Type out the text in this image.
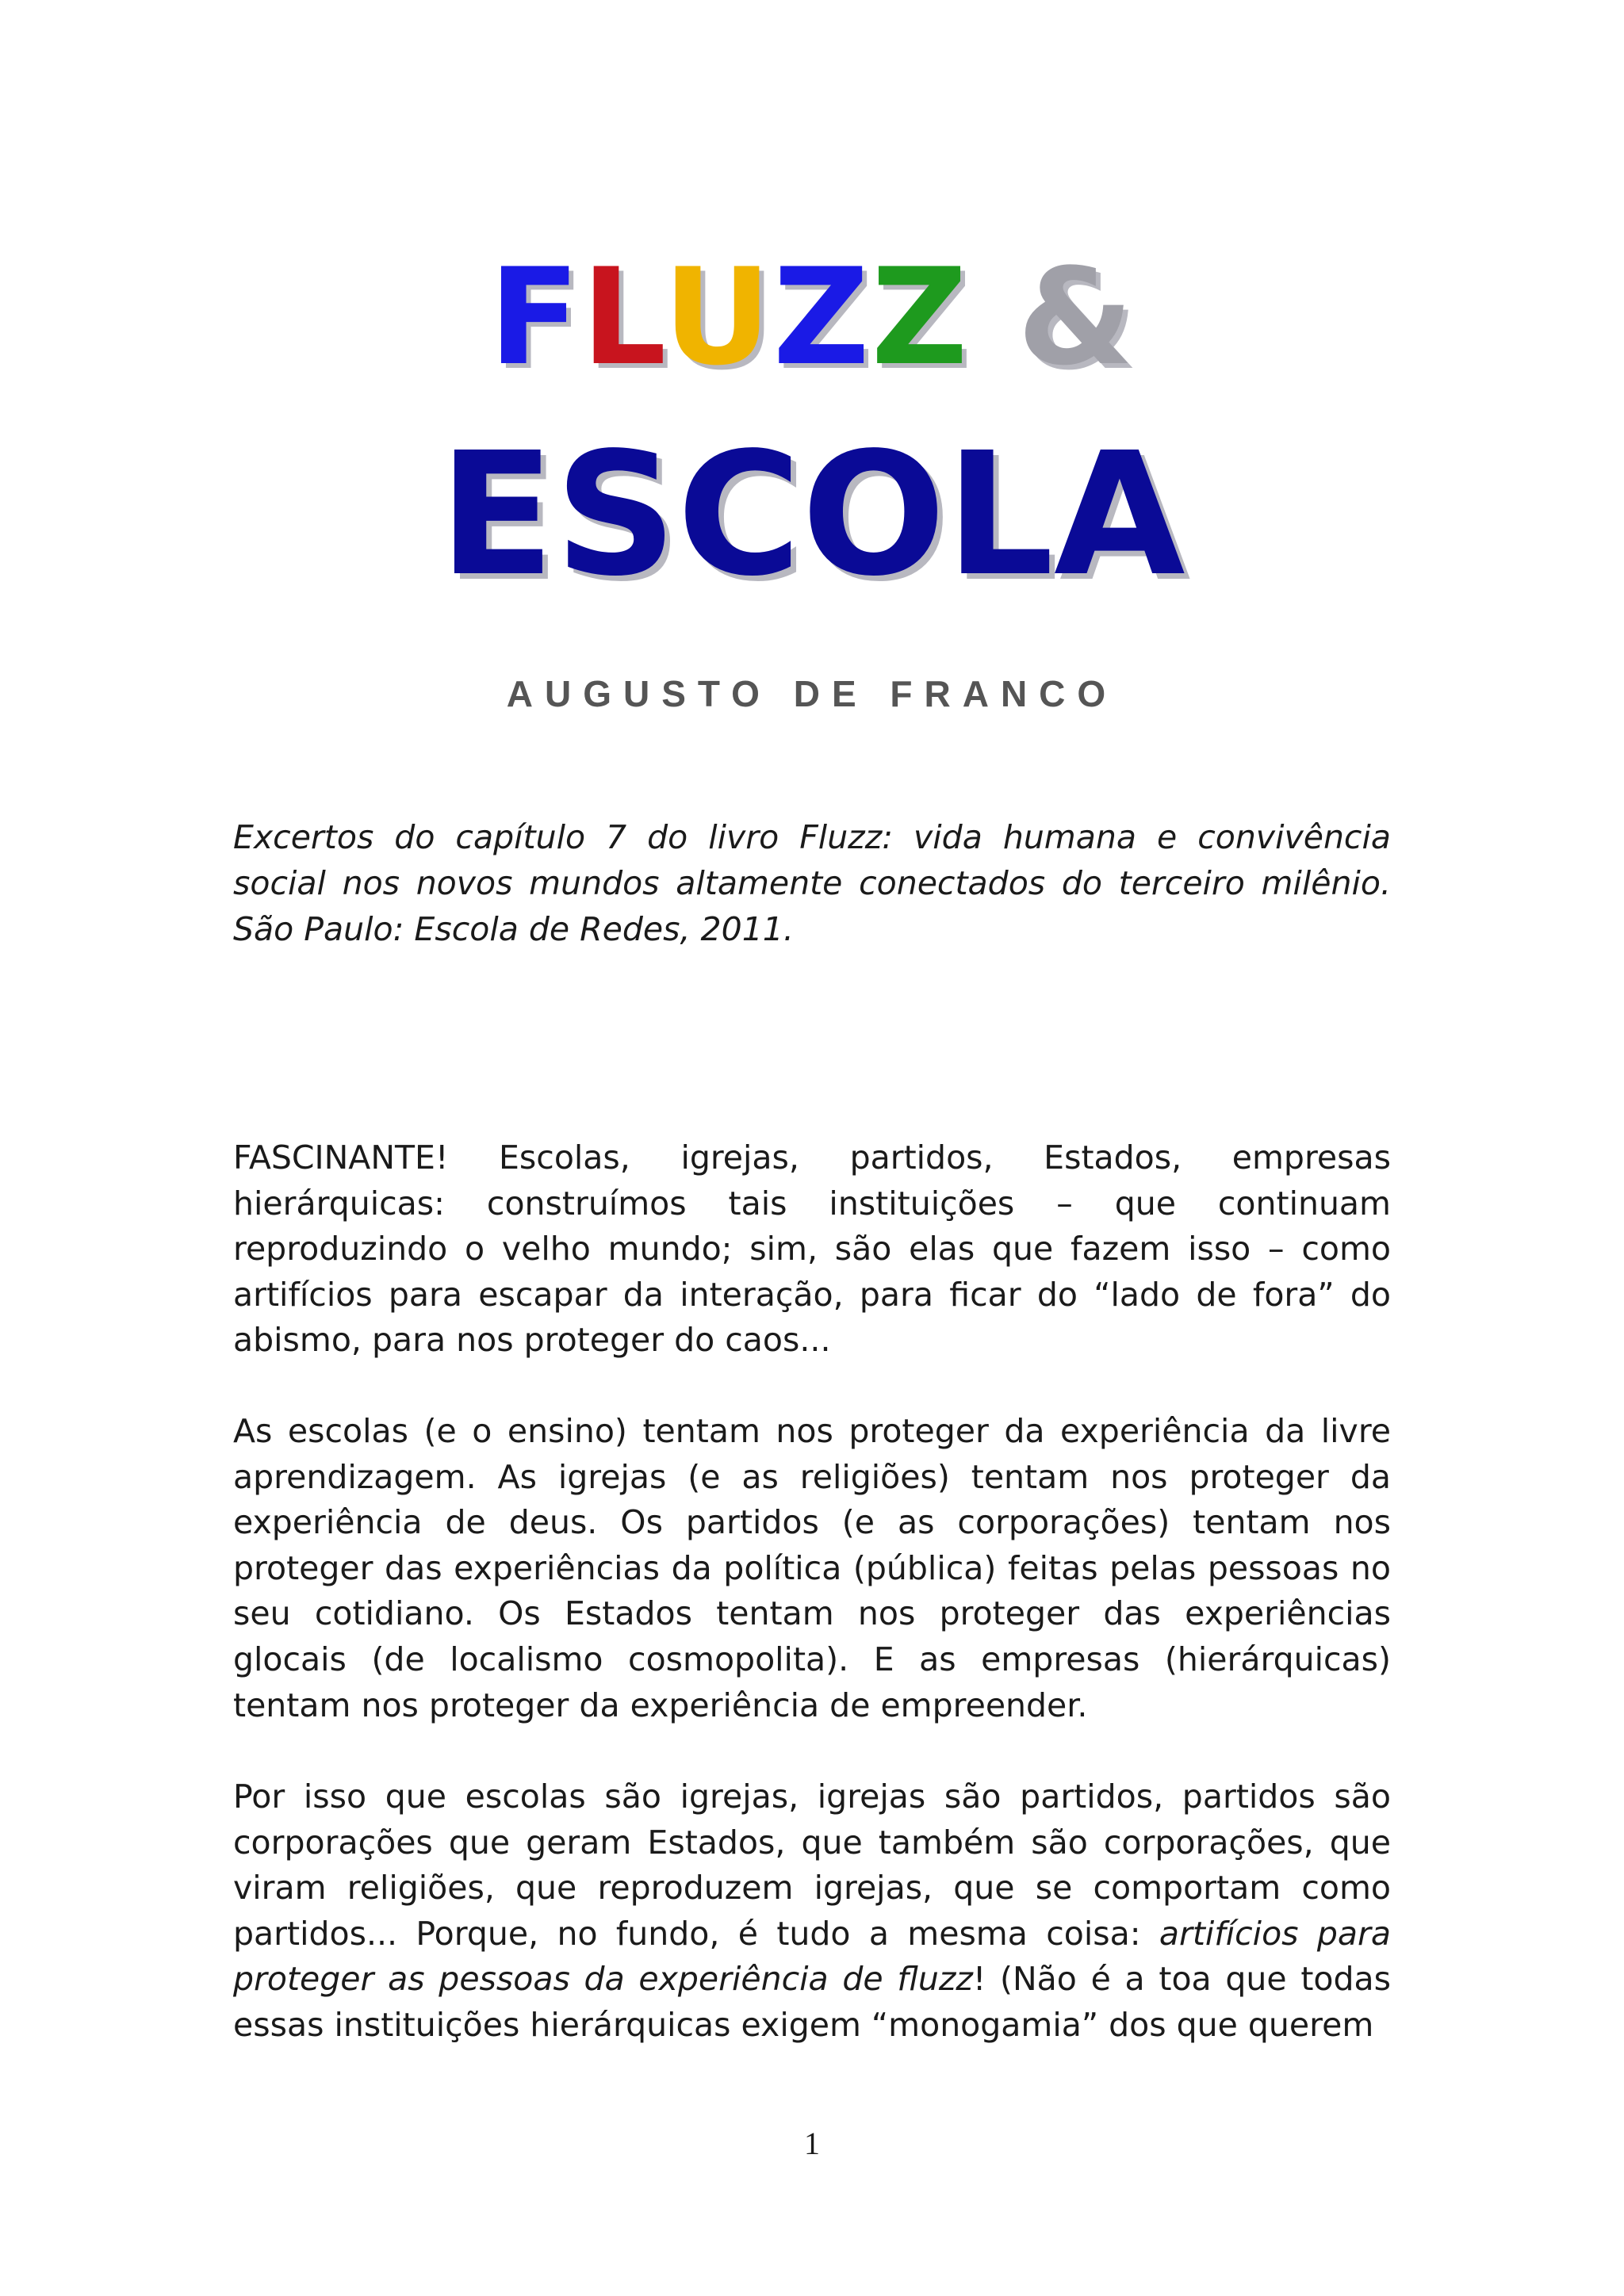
FLUZZ &
ESCOLA
AUGUSTO DE FRANCO
Excertos do capítulo 7 do livro Fluzz: vida humana e convivência social nos novos mundos altamente conectados do terceiro milênio. São Paulo: Escola de Redes, 2011.
FASCINANTE! Escolas, igrejas, partidos, Estados, empresas hierárquicas: construímos tais instituições – que continuam reproduzindo o velho mundo; sim, são elas que fazem isso – como artifícios para escapar da interação, para ficar do “lado de fora” do abismo, para nos proteger do caos...
As escolas (e o ensino) tentam nos proteger da experiência da livre aprendizagem. As igrejas (e as religiões) tentam nos proteger da experiência de deus. Os partidos (e as corporações) tentam nos proteger das experiências da política (pública) feitas pelas pessoas no seu cotidiano. Os Estados tentam nos proteger das experiências glocais (de localismo cosmopolita). E as empresas (hierárquicas) tentam nos proteger da experiência de empreender.
Por isso que escolas são igrejas, igrejas são partidos, partidos são corporações que geram Estados, que também são corporações, que viram religiões, que reproduzem igrejas, que se comportam como partidos... Porque, no fundo, é tudo a mesma coisa: artifícios para proteger as pessoas da experiência de fluzz! (Não é a toa que todas essas instituições hierárquicas exigem “monogamia” dos que querem
1
